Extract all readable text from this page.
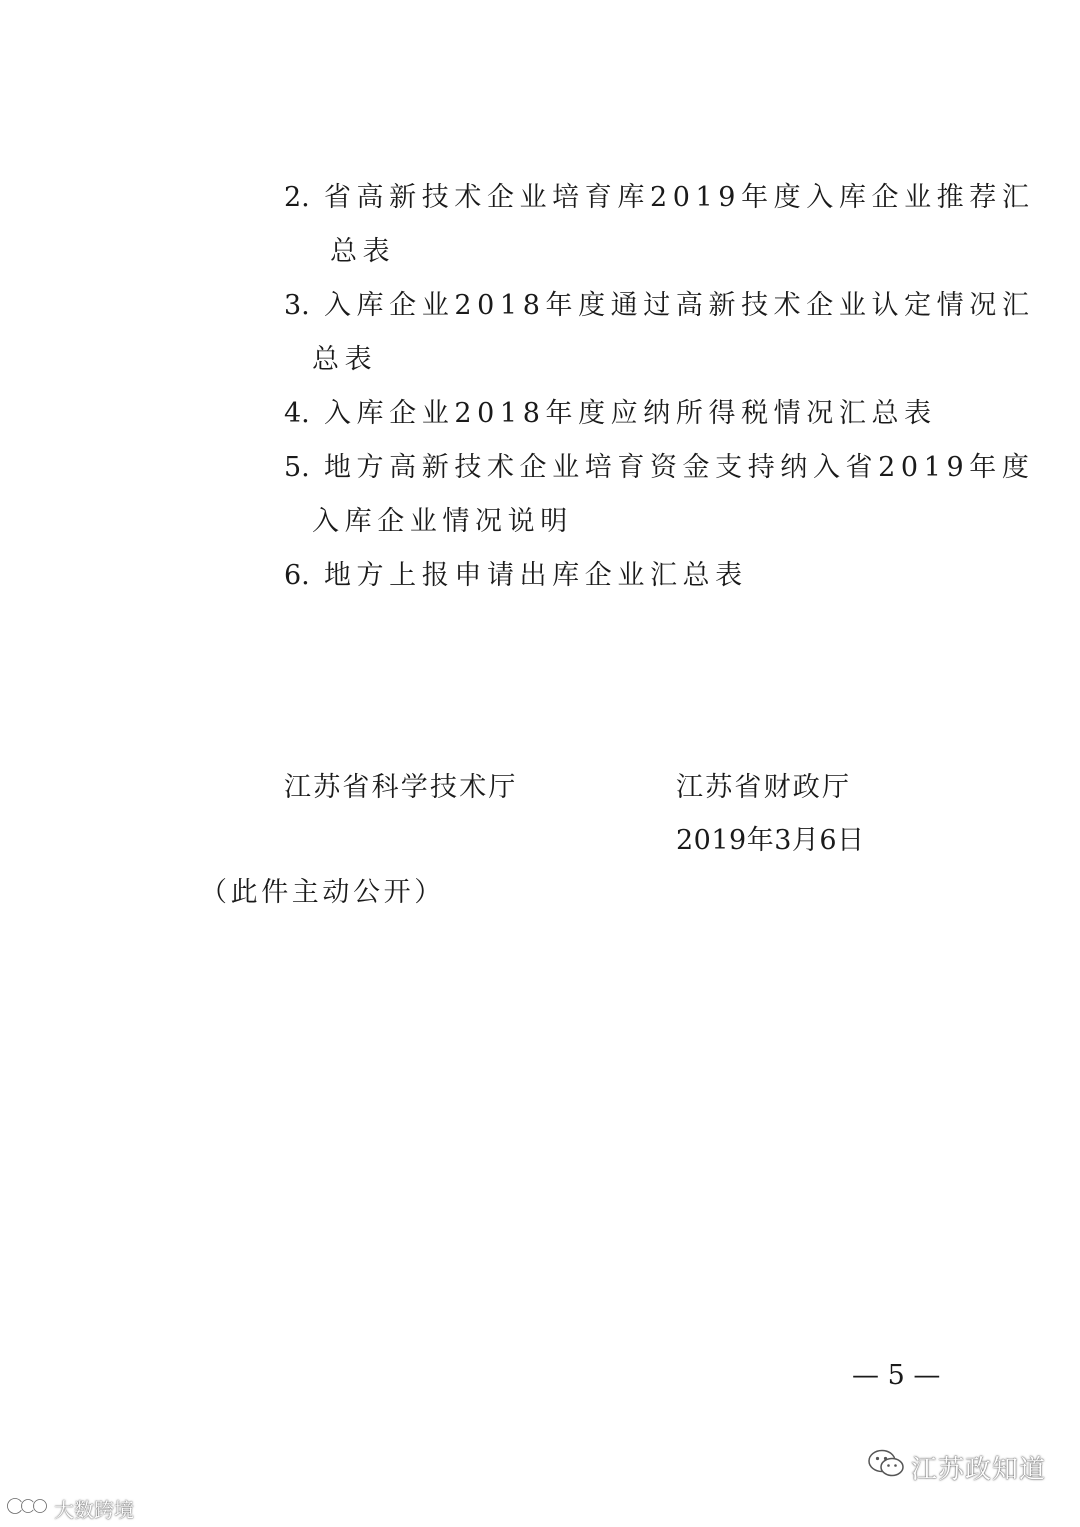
2. 省高新技术企业培育库2019年度入库企业推荐汇
总表
3. 入库企业2018年度通过高新技术企业认定情况汇
总表
4. 入库企业2018年度应纳所得税情况汇总表
5. 地方高新技术企业培育资金支持纳入省2019年度
入库企业情况说明
6. 地方上报申请出库企业汇总表
江苏省科学技术厅	江苏省财政厅
2019年3月6日
（此件主动公开）
— 5 —
江苏政知道
大数跨境
